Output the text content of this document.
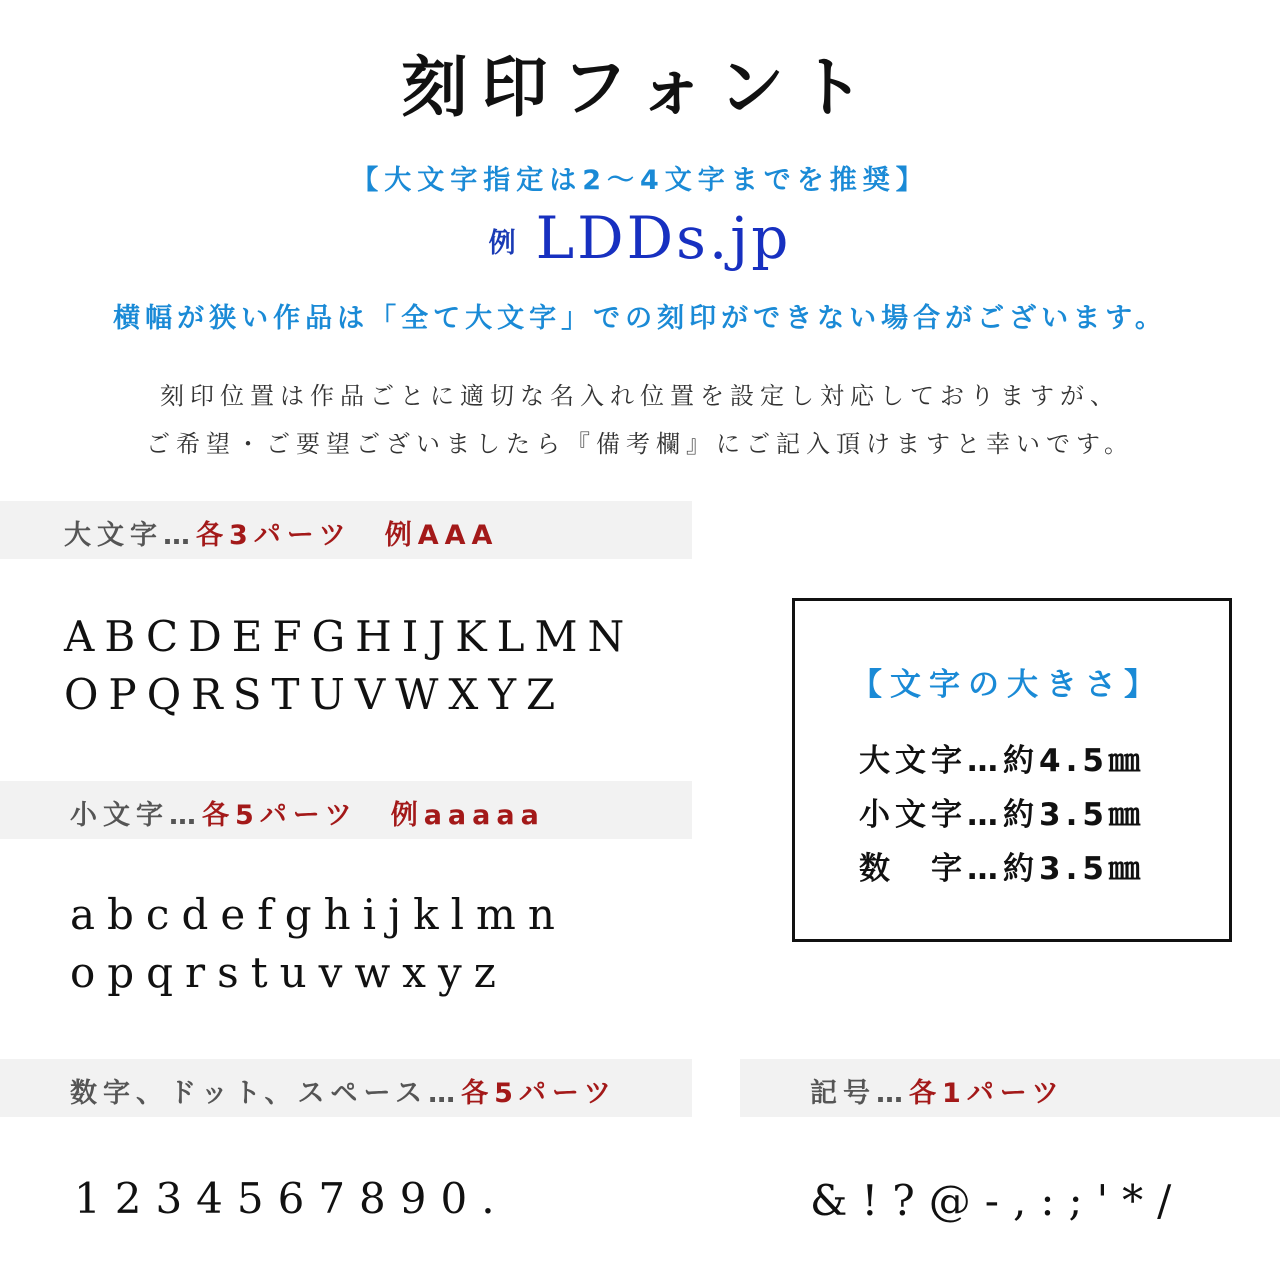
刻印フォント
【大文字指定は2～4文字までを推奨】
例 LDDs.jp
横幅が狭い作品は「全て大文字」での刻印ができない場合がございます。
刻印位置は作品ごとに適切な名入れ位置を設定し対応しておりますが、
ご希望・ご要望ございましたら『備考欄』にご記入頂けますと幸いです。
大文字…各3パーツ　例AAA
ABCDEFGHIJKLMN
OPQRSTUVWXYZ
小文字…各5パーツ　例aaaaa
abcdefghijklmn
opqrstuvwxyz
【文字の大きさ】
大文字…約4.5㎜
小文字…約3.5㎜
数　字…約3.5㎜
数字、ドット、スペース…各5パーツ
1234567890.
記号…各1パーツ
&!?@-,:;'*/
